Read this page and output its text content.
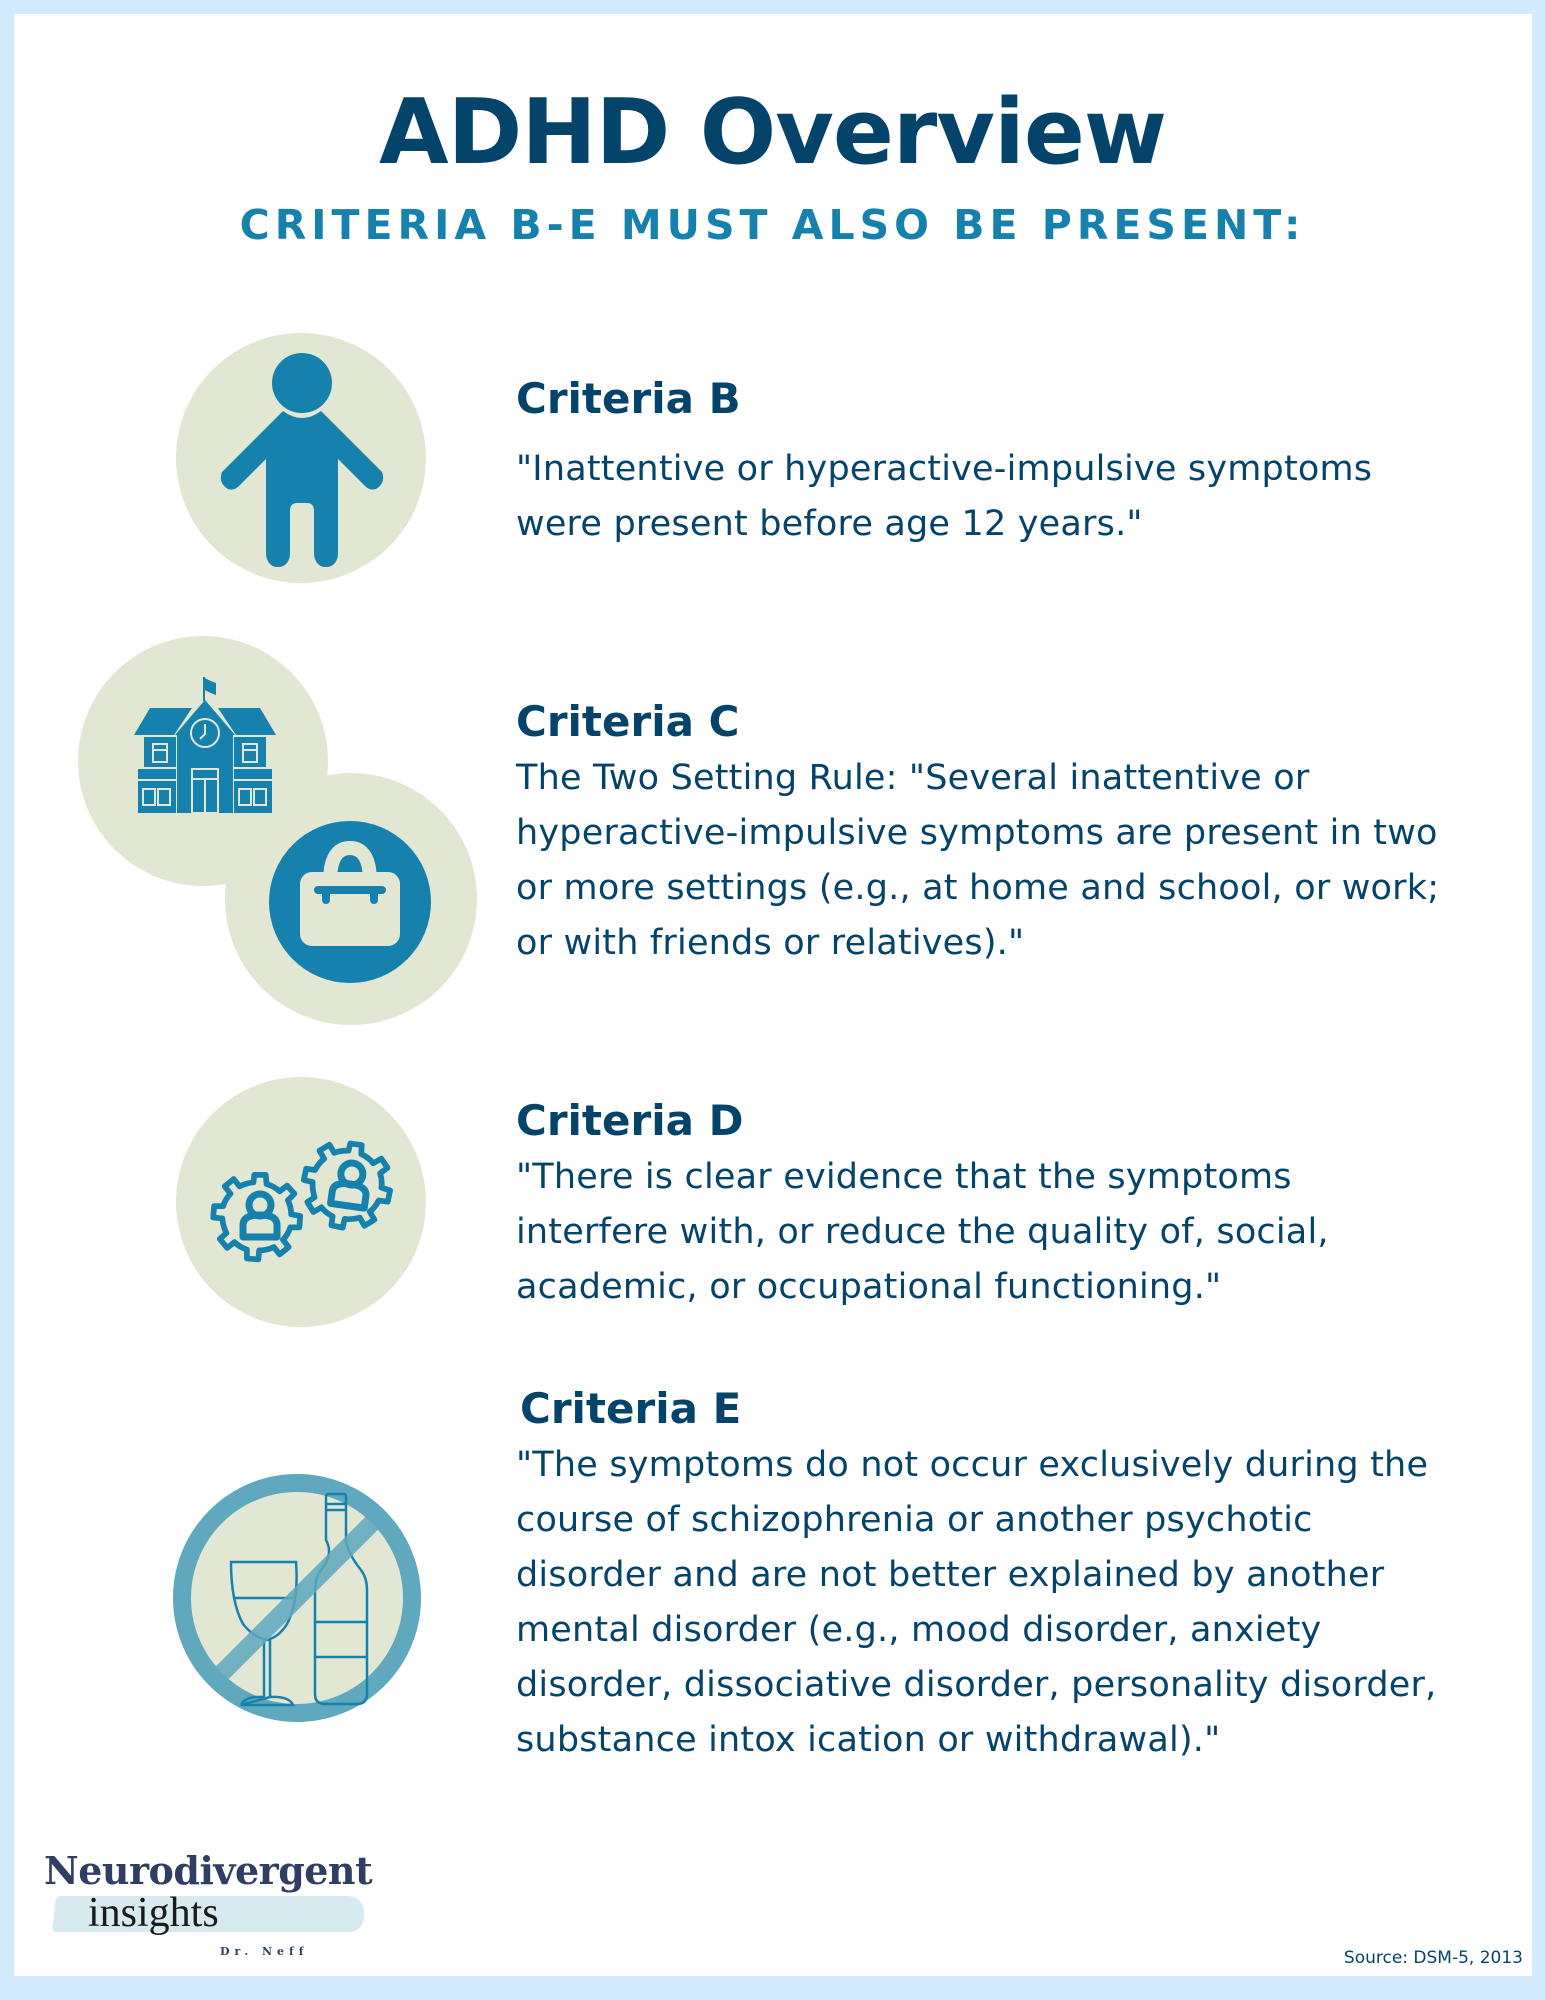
ADHD Overview
CRITERIA B-E MUST ALSO BE PRESENT:
Criteria B

"Inattentive or hyperactive-impulsive symptoms were present before age 12 years."

Criteria C

The Two Setting Rule: "Several inattentive or hyperactive-impulsive symptoms are present in two or more settings (e.g., at home and school, or work; or with friends or relatives)."

Criteria D

"There is clear evidence that the symptoms interfere with, or reduce the quality of, social, academic, or occupational functioning."

Criteria E

"The symptoms do not occur exclusively during the course of schizophrenia or another psychotic disorder and are not better explained by another mental disorder (e.g., mood disorder, anxiety disorder, dissociative disorder, personality disorder, substance intox ication or withdrawal)."

Neurodivergent
insights
Dr. Neff	Source: DSM-5, 2013
